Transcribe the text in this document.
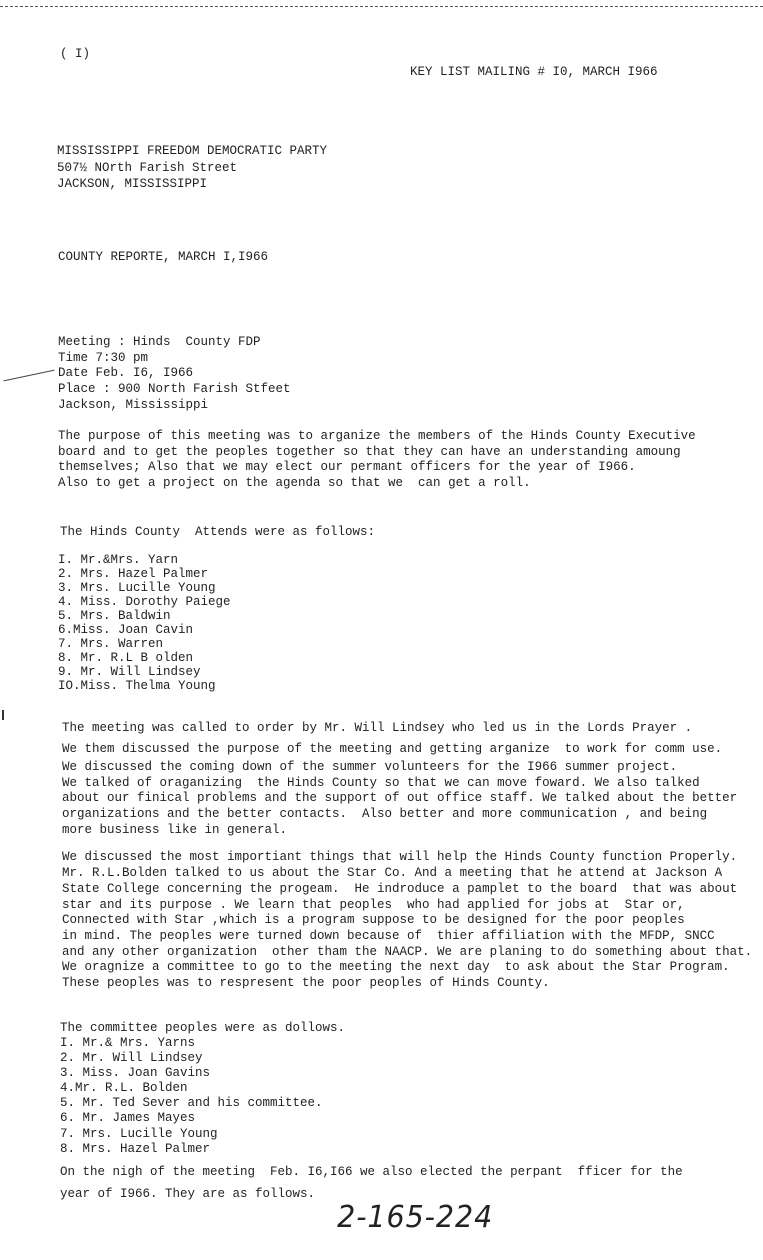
( I)
KEY LIST MAILING # I0, MARCH I966
MISSISSIPPI FREEDOM DEMOCRATIC PARTY
507½ NOrth Farish Street
JACKSON, MISSISSIPPI
COUNTY REPORTE, MARCH I,I966
Meeting : Hinds  County FDP
Time 7:30 pm
Date Feb. I6, I966
Place : 900 North Farish Stfeet
Jackson, Mississippi
The purpose of this meeting was to arganize the members of the Hinds County Executive
board and to get the peoples together so that they can have an understanding amoung
themselves; Also that we may elect our permant officers for the year of I966.
Also to get a project on the agenda so that we  can get a roll.
The Hinds County  Attends were as follows:
I. Mr.&Mrs. Yarn
2. Mrs. Hazel Palmer
3. Mrs. Lucille Young
4. Miss. Dorothy Paiege
5. Mrs. Baldwin
6.Miss. Joan Cavin
7. Mrs. Warren
8. Mr. R.L B olden
9. Mr. Will Lindsey
IO.Miss. Thelma Young
The meeting was called to order by Mr. Will Lindsey who led us in the Lords Prayer .
We them discussed the purpose of the meeting and getting arganize  to work for comm use.
We discussed the coming down of the summer volunteers for the I966 summer project.
We talked of oraganizing  the Hinds County so that we can move foward. We also talked
about our finical problems and the support of out office staff. We talked about the better
organizations and the better contacts.  Also better and more communication , and being
more business like in general.
We discussed the most importiant things that will help the Hinds County function Properly.
Mr. R.L.Bolden talked to us about the Star Co. And a meeting that he attend at Jackson A
State College concerning the progeam.  He indroduce a pamplet to the board  that was about
star and its purpose . We learn that peoples  who had applied for jobs at  Star or,
Connected with Star ,which is a program suppose to be designed for the poor peoples
in mind. The peoples were turned down because of  thier affiliation with the MFDP, SNCC
and any other organization  other tham the NAACP. We are planing to do something about that.
We oragnize a committee to go to the meeting the next day  to ask about the Star Program.
These peoples was to respresent the poor peoples of Hinds County.
The committee peoples were as dollows.
I. Mr.& Mrs. Yarns
2. Mr. Will Lindsey
3. Miss. Joan Gavins
4.Mr. R.L. Bolden
5. Mr. Ted Sever and his committee.
6. Mr. James Mayes
7. Mrs. Lucille Young
8. Mrs. Hazel Palmer
On the nigh of the meeting  Feb. I6,I66 we also elected the perpant  fficer for the
year of I966. They are as follows.
2-165-224
